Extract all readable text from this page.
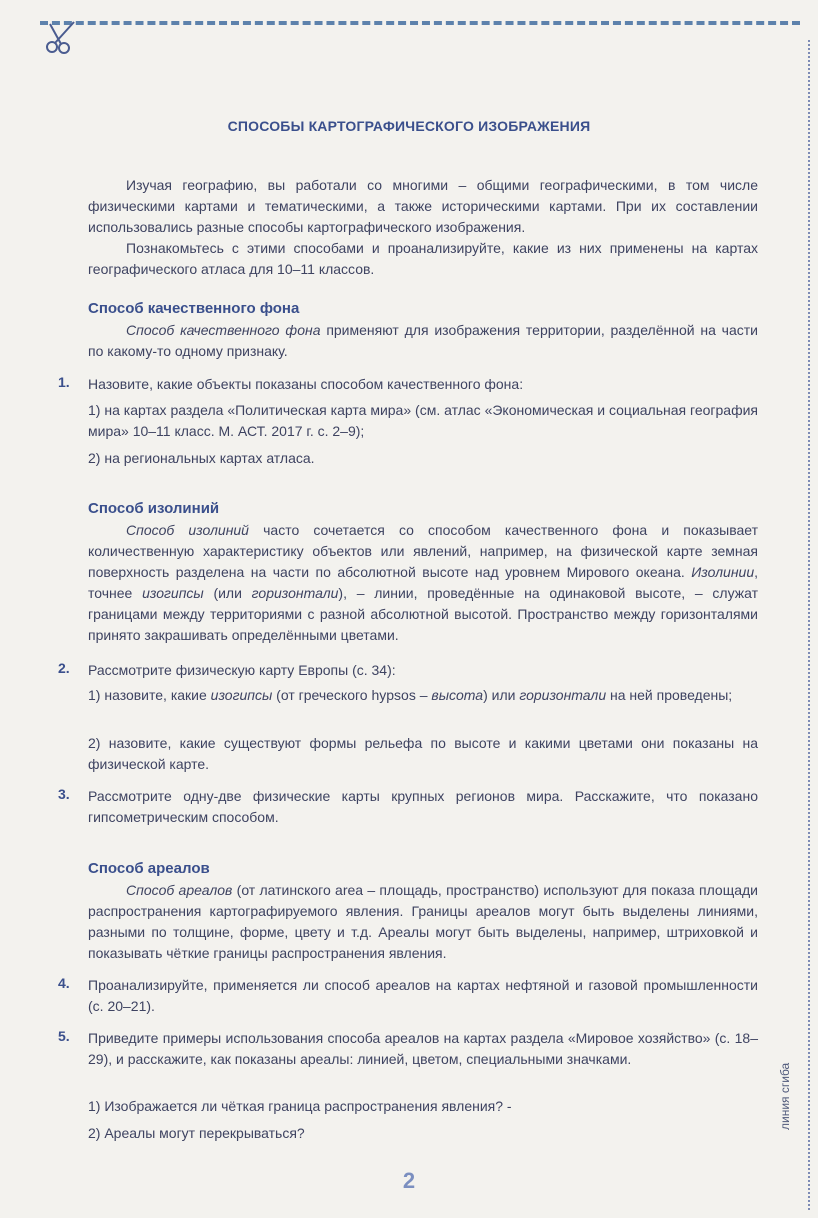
линия сгиба
СПОСОБЫ КАРТОГРАФИЧЕСКОГО ИЗОБРАЖЕНИЯ
Изучая географию, вы работали со многими – общими географическими, в том числе физическими картами и тематическими, а также историческими картами. При их составлении использовались разные способы картографического изображения.
Познакомьтесь с этими способами и проанализируйте, какие из них применены на картах географического атласа для 10–11 классов.
Способ качественного фона
Способ качественного фона применяют для изображения территории, разделённой на части по какому-то одному признаку.
1. Назовите, какие объекты показаны способом качественного фона:
1) на картах раздела «Политическая карта мира» (см. атлас «Экономическая и социальная география мира» 10–11 класс. М. АСТ. 2017 г. с. 2–9);
2) на региональных картах атласа.
Способ изолиний
Способ изолиний часто сочетается со способом качественного фона и показывает количественную характеристику объектов или явлений, например, на физической карте земная поверхность разделена на части по абсолютной высоте над уровнем Мирового океана. Изолинии, точнее изогипсы (или горизонтали), – линии, проведённые на одинаковой высоте, – служат границами между территориями с разной абсолютной высотой. Пространство между горизонталями принято закрашивать определёнными цветами.
2. Рассмотрите физическую карту Европы (с. 34):
1) назовите, какие изогипсы (от греческого hypsos – высота) или горизонтали на ней проведены;
2) назовите, какие существуют формы рельефа по высоте и какими цветами они показаны на физической карте.
3. Рассмотрите одну-две физические карты крупных регионов мира. Расскажите, что показано гипсометрическим способом.
Способ ареалов
Способ ареалов (от латинского area – площадь, пространство) используют для показа площади распространения картографируемого явления. Границы ареалов могут быть выделены линиями, разными по толщине, форме, цвету и т.д. Ареалы могут быть выделены, например, штриховкой и показывать чёткие границы распространения явления.
4. Проанализируйте, применяется ли способ ареалов на картах нефтяной и газовой промышленности (с. 20–21).
5. Приведите примеры использования способа ареалов на картах раздела «Мировое хозяйство» (с. 18–29), и расскажите, как показаны ареалы: линией, цветом, специальными значками.
1) Изображается ли чёткая граница распространения явления? -
2) Ареалы могут перекрываться?
2
